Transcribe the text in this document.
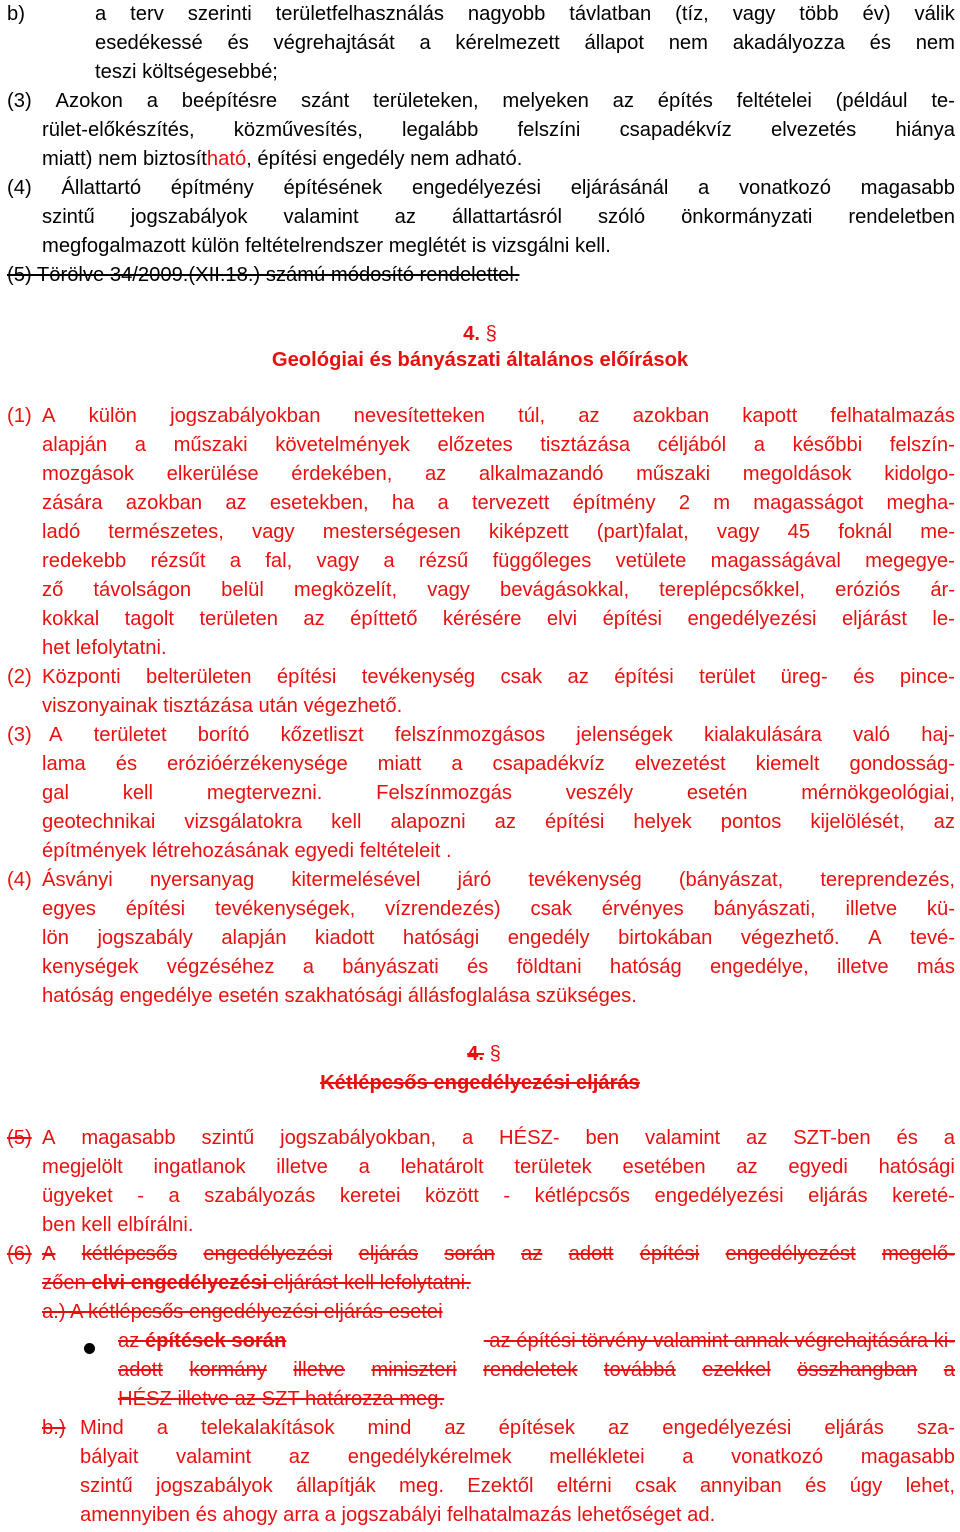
b)	a terv szerinti területfelhasználás nagyobb távlatban (tíz, vagy több év) válik
esedékessé és végrehajtását a kérelmezett állapot nem akadályozza és nem
teszi költségesebbé;
(3) Azokon a beépítésre szánt területeken, melyeken az építés feltételei (például te-
rület-előkészítés, közművesítés, legalább felszíni csapadékvíz elvezetés hiánya
miatt) nem biztosítható, építési engedély nem adható.
(4) Állattartó építmény építésének engedélyezési eljárásánál a vonatkozó magasabb
szintű jogszabályok valamint az állattartásról szóló önkormányzati rendeletben
megfogalmazott külön feltételrendszer meglétét is vizsgálni kell.
(5) Törölve 34/2009.(XII.18.) számú módosító rendelettel.
4. §
Geológiai és bányászati általános előírások
(1) A külön jogszabályokban nevesítetteken túl, az azokban kapott felhatalmazás
alapján a műszaki követelmények előzetes tisztázása céljából a későbbi felszín-
mozgások elkerülése érdekében, az alkalmazandó műszaki megoldások kidolgo-
zására azokban az esetekben, ha a tervezett építmény 2 m magasságot megha-
ladó természetes, vagy mesterségesen kiképzett (part)falat, vagy 45 foknál me-
redekebb rézsűt a fal, vagy a rézsű függőleges vetülete magasságával megegye-
ző távolságon belül megközelít, vagy bevágásokkal, tereplépcsőkkel, eróziós ár-
kokkal tagolt területen az építtető kérésére elvi építési engedélyezési eljárást le-
het lefolytatni.
(2) Központi belterületen építési tevékenység csak az építési terület üreg- és pince-
viszonyainak tisztázása után végezhető.
(3) A területet borító kőzetliszt felszínmozgásos jelenségek kialakulására való haj-
lama és erózióérzékenysége miatt a csapadékvíz elvezetést kiemelt gondosság-
gal	kell	megtervezni.	Felszínmozgás	veszély	esetén	mérnökgeológiai,
geotechnikai vizsgálatokra kell alapozni az építési helyek pontos kijelölését, az
építmények létrehozásának egyedi feltételeit .
(4) Ásványi nyersanyag kitermelésével járó tevékenység (bányászat, tereprendezés,
egyes építési tevékenységek, vízrendezés) csak érvényes bányászati, illetve kü-
lön jogszabály alapján kiadott hatósági engedély birtokában végezhető. A tevé-
kenységek végzéséhez a bányászati és földtani hatóság engedélye, illetve más
hatóság engedélye esetén szakhatósági állásfoglalása szükséges.
4. §
Kétlépcsős engedélyezési eljárás
(5) A magasabb szintű jogszabályokban, a HÉSZ- ben valamint az SZT-ben és a
megjelölt ingatlanok illetve a lehatárolt területek esetében az egyedi hatósági
ügyeket - a szabályozás keretei között - kétlépcsős engedélyezési eljárás kereté-
ben kell elbírálni.
(6) A kétlépcsős engedélyezési eljárás során az adott építési engedélyezést megelő-
zően elvi engedélyezési eljárást kell lefolytatni.
a.) A kétlépcsős engedélyezési eljárás esetei
az építések során	az építési törvény valamint annak végrehajtására ki-
adott kormány illetve miniszteri rendeletek továbbá ezekkel összhangban a
HÉSZ illetve az SZT határozza meg.
b.) Mind a telekalakítások mind az építések az engedélyezési eljárás sza-
bályait valamint az engedélykérelmek mellékletei a vonatkozó magasabb
szintű jogszabályok állapítják meg. Ezektől eltérni csak annyiban és úgy lehet,
amennyiben és ahogy arra a jogszabályi felhatalmazás lehetőséget ad.
